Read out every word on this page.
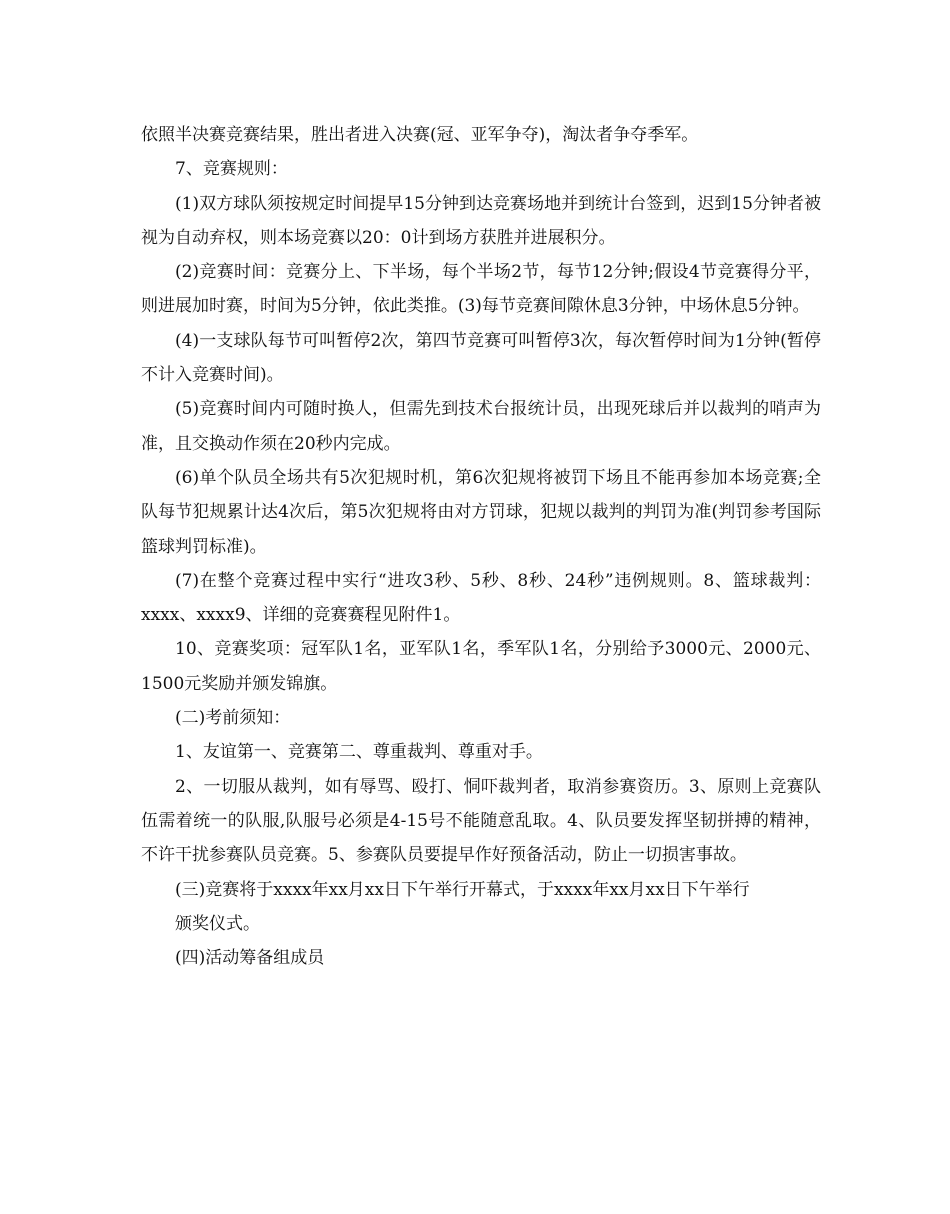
依照半决赛竞赛结果，胜出者进入决赛(冠、亚军争夺)，淘汰者争夺季军。

7、竞赛规则：

(1)双方球队须按规定时间提早15分钟到达竞赛场地并到统计台签到，迟到15分钟者被视为自动弃权，则本场竞赛以20：0计到场方获胜并进展积分。

(2)竞赛时间：竞赛分上、下半场，每个半场2节，每节12分钟;假设4节竞赛得分平，则进展加时赛，时间为5分钟，依此类推。(3)每节竞赛间隙休息3分钟，中场休息5分钟。

(4)一支球队每节可叫暂停2次，第四节竞赛可叫暂停3次，每次暂停时间为1分钟(暂停不计入竞赛时间)。

(5)竞赛时间内可随时换人，但需先到技术台报统计员，出现死球后并以裁判的哨声为准，且交换动作须在20秒内完成。

(6)单个队员全场共有5次犯规时机，第6次犯规将被罚下场且不能再参加本场竞赛;全队每节犯规累计达4次后，第5次犯规将由对方罚球，犯规以裁判的判罚为准(判罚参考国际篮球判罚标准)。

(7)在整个竞赛过程中实行“进攻3秒、5秒、8秒、24秒”违例规则。8、篮球裁判：xxxx、xxxx9、详细的竞赛赛程见附件1。

10、竞赛奖项：冠军队1名，亚军队1名，季军队1名，分别给予3000元、2000元、1500元奖励并颁发锦旗。

(二)考前须知：

1、友谊第一、竞赛第二、尊重裁判、尊重对手。

2、一切服从裁判，如有辱骂、殴打、恫吓裁判者，取消参赛资历。3、原则上竞赛队伍需着统一的队服,队服号必须是4-15号不能随意乱取。4、队员要发挥坚韧拼搏的精神，不许干扰参赛队员竞赛。5、参赛队员要提早作好预备活动，防止一切损害事故。

(三)竞赛将于xxxx年xx月xx日下午举行开幕式，于xxxx年xx月xx日下午举行

颁奖仪式。

(四)活动筹备组成员
